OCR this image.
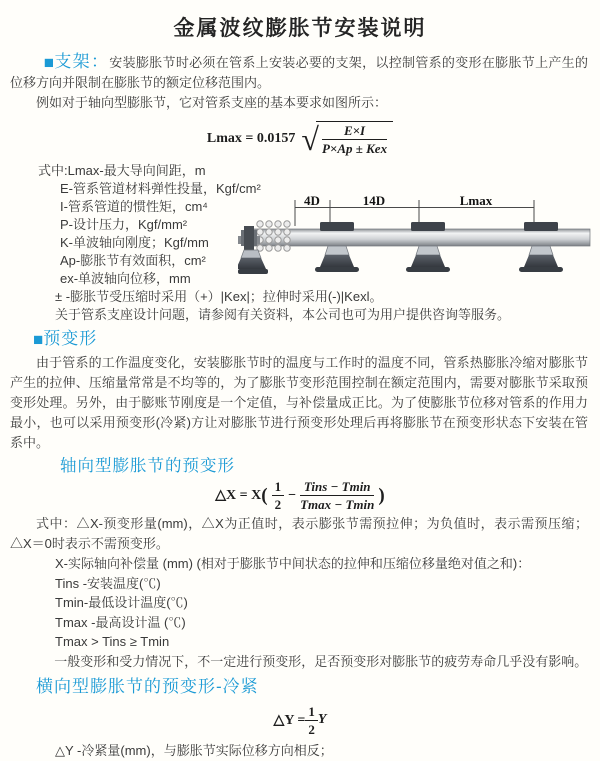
金属波纹膨胀节安装说明

■支架：安装膨胀节时必须在管系上安装必要的支架，以控制管系的变形在膨胀节上产生的位移方向并限制在膨胀节的额定位移范围内。

例如对于轴向型膨胀节，它对管系支座的基本要求如图所示：

Lmax = 0.0157 √ $\frac{E\times I}{\text{P×Ap ± Kex}}$
式中:Lmax-最大导向间距，m
E-管系管道材料弹性投量，Kgf/cm²
I-管系管道的惯性矩，cm⁴
P-设计压力，Kgf/mm²
K-单波轴向刚度；Kgf/mm
Ap-膨胀节有效面积，cm²
ex-单波轴向位移，mm
± -膨胀节受压缩时采用（+）|Kex|；拉伸时采用(-)|Kexl。
关于管系支座设计问题，请参阅有关资料，本公司也可为用户提供咨询等服务。
4D	14D	Lmax
■预变形

由于管系的工作温度变化，安装膨胀节时的温度与工作时的温度不同，管系热膨胀冷缩对膨胀节产生的拉伸、压缩量常常是不均等的，为了膨胀节变形范围控制在额定范围内，需要对膨胀节采取预变形处理。另外，由于膨账节刚度是一个定值，与补偿量成正比。为了使膨胀节位移对管系的作用力最小，也可以采用预变形(冷紧)方让对膨胀节进行预变形处理后再将膨胀节在预变形状态下安装在管系中。

轴向型膨胀节的预变形
△X = X ( $\frac{1}{2} - \frac{\text{Tins − Tmin}}{Tmax - Tmin}$ )

式中：△X-预变形量(mm)，△X为正值时，表示膨张节需预拉伸；为负值时，表示需预压缩；△X＝0时表示不需预变形。

X-实际轴向补偿量 (mm) (相对于膨胀节中间状态的拉伸和压缩位移量绝对值之和)：
Tins -安装温度(℃)
Tmin-最低设计温度(℃)
Tmax -最高设计温 (℃)
Tmax > Tins ≥ Tmin

一般变形和受力情况下，不一定进行预变形，足否预变形对膨胀节的疲劳寿命几乎没有影响。

横向型膨胀节的预变形-冷紧
△Y = $\frac{1}{2}$ Y
△Y -冷紧量(mm)，与膨胀节实际位移方向相反；
